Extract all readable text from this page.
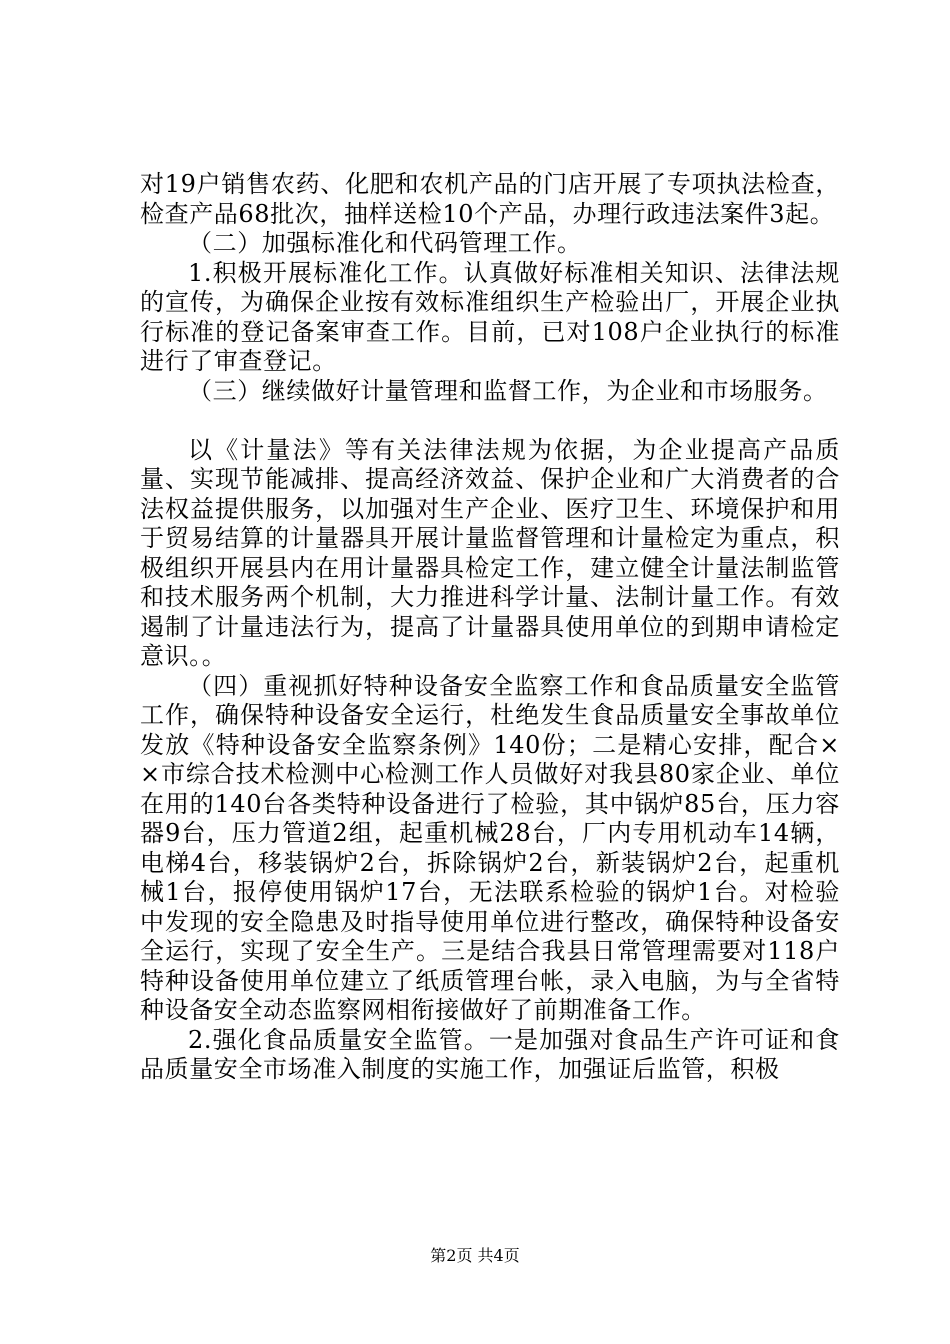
对19户销售农药、化肥和农机产品的门店开展了专项执法检查，检查产品68批次，抽样送检10个产品，办理行政违法案件3起。

（二）加强标准化和代码管理工作。

1.积极开展标准化工作。认真做好标准相关知识、法律法规的宣传，为确保企业按有效标准组织生产检验出厂，开展企业执行标准的登记备案审查工作。目前，已对108户企业执行的标准进行了审查登记。

（三）继续做好计量管理和监督工作，为企业和市场服务。

以《计量法》等有关法律法规为依据，为企业提高产品质量、实现节能减排、提高经济效益、保护企业和广大消费者的合法权益提供服务，以加强对生产企业、医疗卫生、环境保护和用于贸易结算的计量器具开展计量监督管理和计量检定为重点，积极组织开展县内在用计量器具检定工作，建立健全计量法制监管和技术服务两个机制，大力推进科学计量、法制计量工作。有效遏制了计量违法行为，提高了计量器具使用单位的到期申请检定意识。。

（四）重视抓好特种设备安全监察工作和食品质量安全监管工作，确保特种设备安全运行，杜绝发生食品质量安全事故单位发放《特种设备安全监察条例》140份；二是精心安排，配合××市综合技术检测中心检测工作人员做好对我县80家企业、单位在用的140台各类特种设备进行了检验，其中锅炉85台，压力容器9台，压力管道2组，起重机械28台，厂内专用机动车14辆，电梯4台，移装锅炉2台，拆除锅炉2台，新装锅炉2台，起重机械1台，报停使用锅炉17台，无法联系检验的锅炉1台。对检验中发现的安全隐患及时指导使用单位进行整改，确保特种设备安全运行，实现了安全生产。三是结合我县日常管理需要对118户特种设备使用单位建立了纸质管理台帐，录入电脑，为与全省特种设备安全动态监察网相衔接做好了前期准备工作。

2.强化食品质量安全监管。一是加强对食品生产许可证和食品质量安全市场准入制度的实施工作，加强证后监管，积极

第2页 共4页
